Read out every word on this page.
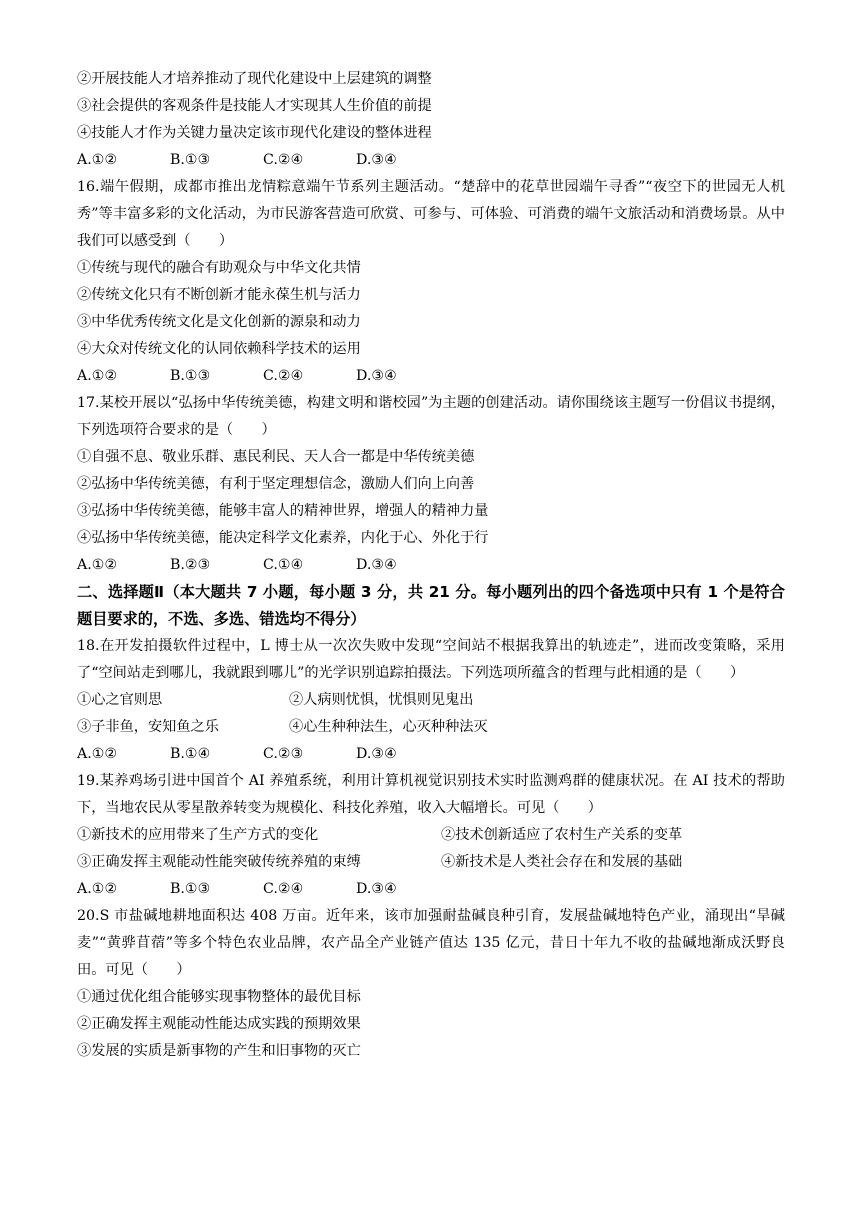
②开展技能人才培养推动了现代化建设中上层建筑的调整
③社会提供的客观条件是技能人才实现其人生价值的前提
④技能人才作为关键力量决定该市现代化建设的整体进程
A.①②	B.①③	C.②④	D.③④
16.端午假期，成都市推出龙情粽意端午节系列主题活动。“楚辞中的花草世园端午寻香”“夜空下的世园无人机秀”等丰富多彩的文化活动，为市民游客营造可欣赏、可参与、可体验、可消费的端午文旅活动和消费场景。从中我们可以感受到（　　）
①传统与现代的融合有助观众与中华文化共情
②传统文化只有不断创新才能永葆生机与活力
③中华优秀传统文化是文化创新的源泉和动力
④大众对传统文化的认同依赖科学技术的运用
A.①②	B.①③	C.②④	D.③④
17.某校开展以“弘扬中华传统美德，构建文明和谐校园”为主题的创建活动。请你围绕该主题写一份倡议书提纲，下列选项符合要求的是（　　）
①自强不息、敬业乐群、惠民利民、天人合一都是中华传统美德
②弘扬中华传统美德，有利于坚定理想信念，激励人们向上向善
③弘扬中华传统美德，能够丰富人的精神世界，增强人的精神力量
④弘扬中华传统美德，能决定科学文化素养，内化于心、外化于行
A.①②	B.②③	C.①④	D.③④
二、选择题Ⅱ（本大题共 7 小题，每小题 3 分，共 21 分。每小题列出的四个备选项中只有 1 个是符合题目要求的，不选、多选、错选均不得分）
18.在开发拍摄软件过程中，L 博士从一次次失败中发现“空间站不根据我算出的轨迹走”，进而改变策略，采用了“空间站走到哪儿，我就跟到哪儿”的光学识别追踪拍摄法。下列选项所蕴含的哲理与此相通的是（　　）
①心之官则思	②人病则忧惧，忧惧则见鬼出
③子非鱼，安知鱼之乐	④心生种种法生，心灭种种法灭
A.①②	B.①④	C.②③	D.③④
19.某养鸡场引进中国首个 AI 养殖系统，利用计算机视觉识别技术实时监测鸡群的健康状况。在 AI 技术的帮助下，当地农民从零星散养转变为规模化、科技化养殖，收入大幅增长。可见（　　）
①新技术的应用带来了生产方式的变化	②技术创新适应了农村生产关系的变革
③正确发挥主观能动性能突破传统养殖的束缚	④新技术是人类社会存在和发展的基础
A.①②	B.①③	C.②④	D.③④
20.S 市盐碱地耕地面积达 408 万亩。近年来，该市加强耐盐碱良种引育，发展盐碱地特色产业，涌现出“旱碱麦”“黄骅苜蓿”等多个特色农业品牌，农产品全产业链产值达 135 亿元，昔日十年九不收的盐碱地渐成沃野良田。可见（　　）
①通过优化组合能够实现事物整体的最优目标
②正确发挥主观能动性能达成实践的预期效果
③发展的实质是新事物的产生和旧事物的灭亡
